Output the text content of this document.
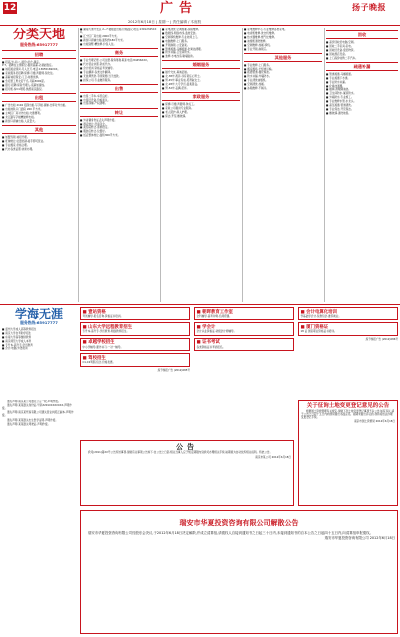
12	广告
2012年6月18日 | 星期一 | 责任编辑 / 木庭枝
扬子晚报
分类天地
服务热线:65917777
招聘
■ 招高·外,初,八,特价,好仓,满意。
P·T。招聘在主管职位,提供高薪,必须能胜任。
■ 诚招美业顾问,月入过万,电话:13655169XXX。
■ 家政服务员招聘,保姆,月嫂,育婴师,包吃住。
■ 高薪诚招保安,门卫,待遇优厚。
■ 急招普工男女若干名,月薪3000起。
■ 银行,招聘,保险代理人,底薪加提成。
■ 招司机,持C1驾照,熟悉南京路况。
出租
■ 广告出租 2104 招商出租,写字楼,商铺,仓库对外出租。
■ 出租地铁口门面房 260 平方米。
■ 主城区厂房对外出租,交通便利。
■ 龙江路写字楼精装修出租。
■ 新街口商铺出租,人流量大。
其他
■ 加盟连锁,诚招代理。
■ 旺铺转让,位置优越,接手即可营业。
■ 专业搬家,价格合理。
■ 代办各类证照,快速办理。
■ 湖南大道开发区 2~7 楼楼层出租,价格面议,电话:13912345XXX。
■ 江宁区厂房出租 2000平方米。
■ 新街口商铺出租,面积约180平方米。
■ 出租别墅,精装修,拎包入住。
商务
■ 专业代理记账,公司注册,税务筹划,联系电话:84456XXX。
■ 代办营业执照,资质代办。
■ 会计培训,资格证考试辅导。
■ 专业翻译,各类文件翻译。
■ 无抵押贷款,手续简便,当天放款。
■ 担保公司,专业融资服务。
出售
■ 出售二手车,车况良好。
■ 出售旧设备,价格面议。
■ 出售商铺,产权清晰。
转让
■ 外省籍身份证丢失声明作废。
■ 酒店转让,设备齐全。
■ 美容院转让,客源稳定。
■ 服装店转让,位置好。
■ 饭店整体转让,面积300平方米。
■ 家电清洗,空调加氟,冰箱维修。
■ 数据线,网络布线,监控安装。
■ 空调移机维修,专业技师上门。
■ 电脑维修,上门服务。
■ 开锁换锁,公安备案。
■ 管道疏通,马桶疏通,化粪池清理。
■ 防水补漏,卫生间防水。
■ 装修,水电改造,刷墙贴砖。
婚姻服务
■ 婚介交友,真诚征婚。
■ 女,38岁,离异,寻有责任心男士。
■ 男,45岁,事业有成,觅贤淑女士。
■ 女,28岁,大专学历,温柔善良。
■ 男,52岁,丧偶,觅伴。
家政服务
■ 保姆,月嫂,育婴师,钟点工。
■ 家政公司提供专业服务。
■ 老人陪护,病人护理。
■ 保洁,开荒,擦玻璃。
■ 家电维修中心,专业维修各类家电。
■ 电视机维修,洗衣机维修。
■ 热水器维修,燃气灶维修。
■ 油烟机清洗维修。
■ 空调维修,加氟,移机。
■ 专业开锁,换锁芯。
其他服务
■ 专业维修,上门服务。
■ 搬家搬场,长短途运输。
■ 疏通管道,抽化粪池。
■ 防水补漏,外墙防水。
■ 专业清洗油烟机。
■ 空调清洗,加氟。
■ 冰箱维修,不制冷。
回收
■ 高价回收旧电脑,空调。
■ 回收二手家具,家电。
■ 回收旧设备,废旧物资。
■ 回收酒店设备。
■ 上门高价收购二手汽车。
疏通补漏
■ 管道疏通,马桶疏通。
■ 专业疏通下水道。
■ 专业防水补漏。
■ 化粪池清理。
■ 抽粪,清理隔油池。
■ 卫生间防水,屋顶防水。
■ 外墙防水,专业施工。
■ 专业维修水管,水龙头。
■ 高压疏通,管道清洗。
■ 专业保洁,开荒保洁。
■ 擦玻璃,清洗地毯。
学海无涯
服务热线:65917777
■ 温州大学成人高等教育招生
■ 南京大学自考助学招生
■ 东南大学高等继续教育
■ 南京师范大学成人本科
■ 专升本,高升专,学历教育
■ 会计,电脑,外语培训
■ 壹站资格
考试辅导,报名咨询,资格证书培训。
■ 山东大学远程教育招生
专升本,高升专,学历教育,网络教育招生。
■ 卓越学校招生
中小学辅导,课外补习,一对一辅导。
■ 驾校招生
C1,C2驾照,包过,价格优惠。
扬子晚报广告 (2012)085号
■ 朝晖教育工作室
全科辅导,高考冲刺,名师授课。
■ 学会计
会计从业资格证,初级会计师辅导。
■ 证书考试
各类资格证书考试报名。
■ 会计电算化培训
零基础学会计,包教包会,推荐就业。
■ 厦门资格证
18 证 国家职业资格证书培训。
扬子晚报广告 (2012)086号
遗失声明:南京某公司遗失公章一枚,声明作废。
遗失声明:某某遗失身份证,号码3201XXXXXXXX,声明作废。
遗失声明:南京某贸易有限公司遗失营业执照正副本,声明作废。
遗失声明:某某遗失出生医学证明,声明作废。
遗失声明:某某遗失驾驶证,声明作废。
公告
我司(2011)第XX号公告所述事项,现就有关事项公告如下:自公告之日起,相关当事人应于规定期限内到我司办理相关手续,逾期视为自动放弃相关权利。特此公告。
南京市某公司 2012年6月18日
关于征询土地变更登记意见的公告
根据国土资源管理有关规定,现就下列土地变更登记事项予以公告,如有异议,请于公告之日起十五日内向我局提出书面意见。逾期未提出异议的,我局将依法办理变更登记手续。
南京市国土资源局 2012年6月18日
瑞安市华夏投资咨询有限公司解散公告
瑞安市华夏投资咨询有限公司经股东会决议,于2012年6月18日决定解散,并成立清算组,请债权人自接到通知书之日起三十日内,未接到通知书的自本公告之日起四十五日内,向清算组申报债权。
瑞安市华夏投资咨询有限公司 2012年6月18日
